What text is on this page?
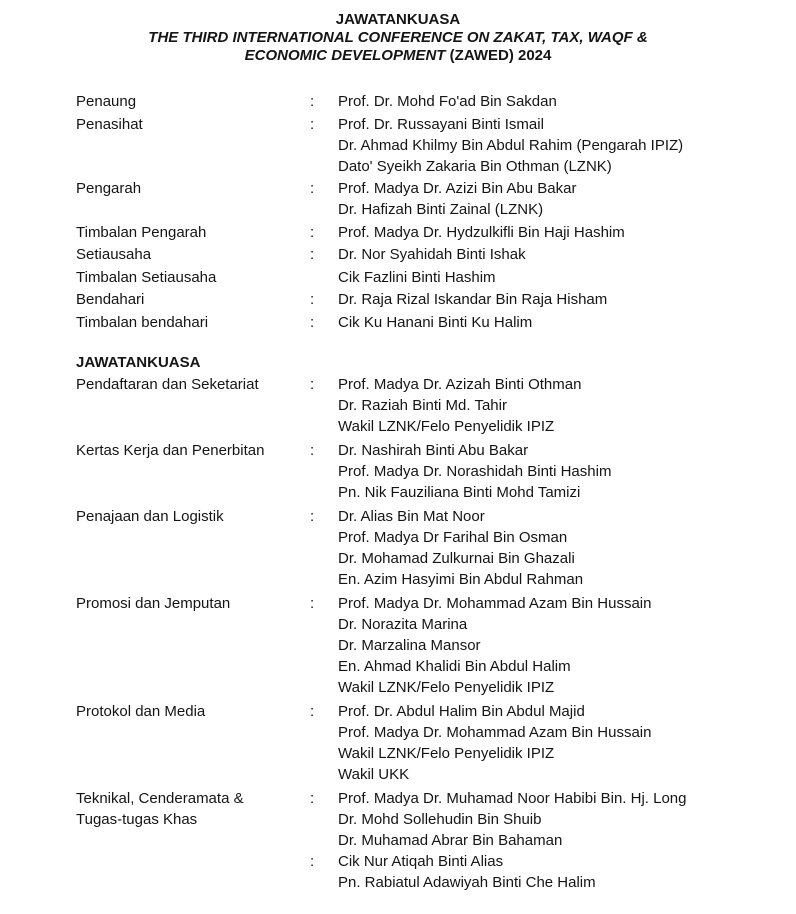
JAWATANKUASA
THE THIRD INTERNATIONAL CONFERENCE ON ZAKAT, TAX, WAQF &
ECONOMIC DEVELOPMENT (ZAWED) 2024
Penaung	:	Prof. Dr. Mohd Fo'ad Bin Sakdan
Penasihat	:	Prof. Dr. Russayani Binti Ismail
Dr. Ahmad Khilmy Bin Abdul Rahim (Pengarah IPIZ)
Dato' Syeikh Zakaria Bin Othman (LZNK)
Pengarah	:	Prof. Madya Dr. Azizi Bin Abu Bakar
Dr. Hafizah Binti Zainal (LZNK)
Timbalan Pengarah	:	Prof. Madya Dr. Hydzulkifli Bin Haji Hashim
Setiausaha	:	Dr. Nor Syahidah Binti Ishak
Timbalan Setiausaha	Cik Fazlini Binti Hashim
Bendahari	:	Dr. Raja Rizal Iskandar Bin Raja Hisham
Timbalan bendahari	:	Cik Ku Hanani Binti Ku Halim
JAWATANKUASA
Pendaftaran dan Seketariat	:	Prof. Madya Dr. Azizah Binti Othman
Dr. Raziah Binti Md. Tahir
Wakil LZNK/Felo Penyelidik IPIZ
Kertas Kerja dan Penerbitan	:	Dr. Nashirah Binti Abu Bakar
Prof. Madya Dr. Norashidah Binti Hashim
Pn. Nik Fauziliana Binti Mohd Tamizi
Penajaan dan Logistik	:	Dr. Alias Bin Mat Noor
Prof. Madya Dr Farihal Bin Osman
Dr. Mohamad Zulkurnai Bin Ghazali
En. Azim Hasyimi Bin Abdul Rahman
Promosi dan Jemputan	:	Prof. Madya Dr. Mohammad Azam Bin Hussain
Dr. Norazita Marina
Dr. Marzalina Mansor
En. Ahmad Khalidi Bin Abdul Halim
Wakil LZNK/Felo Penyelidik IPIZ
Protokol dan Media	:	Prof. Dr. Abdul Halim Bin Abdul Majid
Prof. Madya Dr. Mohammad Azam Bin Hussain
Wakil LZNK/Felo Penyelidik IPIZ
Wakil UKK
Teknikal, Cenderamata &
Tugas-tugas Khas
:	Prof. Madya Dr. Muhamad Noor Habibi Bin. Hj. Long
Dr. Mohd Sollehudin Bin Shuib
Dr. Muhamad Abrar Bin Bahaman
:	Cik Nur Atiqah Binti Alias
Pn. Rabiatul Adawiyah Binti Che Halim
